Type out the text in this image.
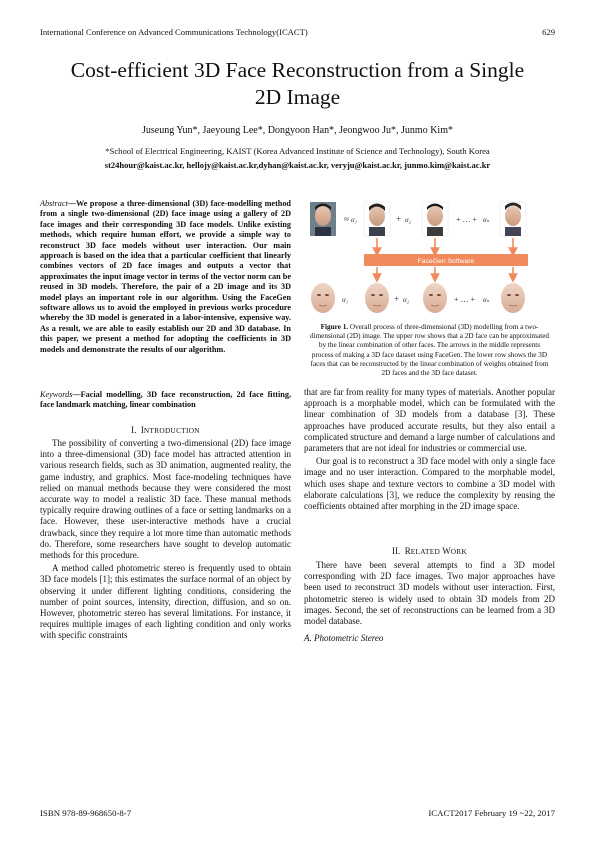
International Conference on Advanced Communications Technology(ICACT)	629
Cost-efficient 3D Face Reconstruction from a Single
2D Image
Juseung Yun*, Jaeyoung Lee*, Dongyoon Han*, Jeongwoo Ju*, Junmo Kim*
*School of Electrical Engineering, KAIST (Korea Advanced Institute of Science and Technology), South Korea
st24hour@kaist.ac.kr, hellojy@kaist.ac.kr,dyhan@kaist.ac.kr, veryju@kaist.ac.kr, junmo.kim@kaist.ac.kr
Abstract—We propose a three-dimensional (3D) face-modelling method from a single two-dimensional (2D) face image using a gallery of 2D face images and their corresponding 3D face models. Unlike existing methods, which require human effort, we provide a simple way to reconstruct 3D face models without user interaction. Our main approach is based on the idea that a particular coefficient that linearly combines vectors of 2D face images and outputs a vector that approximates the input image vector in terms of the vector norm can be reused in 3D models. Therefore, the pair of a 2D image and its 3D model plays an important role in our algorithm. Using the FaceGen software allows us to avoid the employed in previous works procedure whereby the 3D model is generated in a labor-intensive, expensive way. As a result, we are able to easily establish our 2D and 3D database. In this paper, we present a method for adopting the coefficients in 3D models and demonstrate the results of our algorithm.
Keywords—Facial modelling, 3D face reconstruction, 2d face fitting, face landmark matching, linear combination
I. INTRODUCTION

The possibility of converting a two-dimensional (2D) face image into a three-dimensional (3D) face model has attracted attention in various research fields, such as 3D animation, augmented reality, the game industry, and graphics. Most face-modeling techniques have relied on manual methods because they were considered the most accurate way to model a realistic 3D face. These manual methods typically require drawing outlines of a face or setting landmarks on a face. However, these user-interactive methods have a crucial drawback, since they require a lot more time than automatic methods do. Therefore, some researchers have sought to develop automatic methods for this procedure.

A method called photometric stereo is frequently used to obtain 3D face models [1]; this estimates the surface normal of an object by observing it under different lighting conditions, considering the number of point sources, intensity, direction, diffusion, and so on. However, photometric stereo has several limitations. For instance, it requires multiple images of each lighting condition and only works with specific constraints

≈ α₁	+ α₂	+ … + αₙ
FaceGen Software
α₁	+ α₂	+ … + αₙ
Figure 1. Overall process of three-dimensional (3D) modelling from a two-dimensional (2D) image. The upper row shows that a 2D face can be approximated by the linear combination of other faces. The arrows in the middle represents process of making a 3D face dataset using FaceGen. The lower row shows the 3D faces that can be reconstructed by the linear combination of weights obtained from 2D faces and the 3D face dataset.

that are far from reality for many types of materials. Another popular approach is a morphable model, which can be formulated with the linear combination of 3D models from a database [3]. These approaches have produced accurate results, but they also entail a complicated structure and demand a large number of calculations and parameters that are not ideal for industries or commercial use.

Our goal is to reconstruct a 3D face model with only a single face image and no user interaction. Compared to the morphable model, which uses shape and texture vectors to combine a 3D model with elaborate calculations [3], we reduce the complexity by reusing the coefficients obtained after morphing in the 2D image space.

II. RELATED WORK

There have been several attempts to find a 3D model corresponding with 2D face images. Two major approaches have been used to reconstruct 3D models without user interaction. First, photometric stereo is widely used to obtain 3D models from 2D images. Second, the set of reconstructions can be learned from a 3D model database.

A. Photometric Stereo

ISBN 978-89-968650-8-7	ICACT2017 February 19 ~22, 2017
